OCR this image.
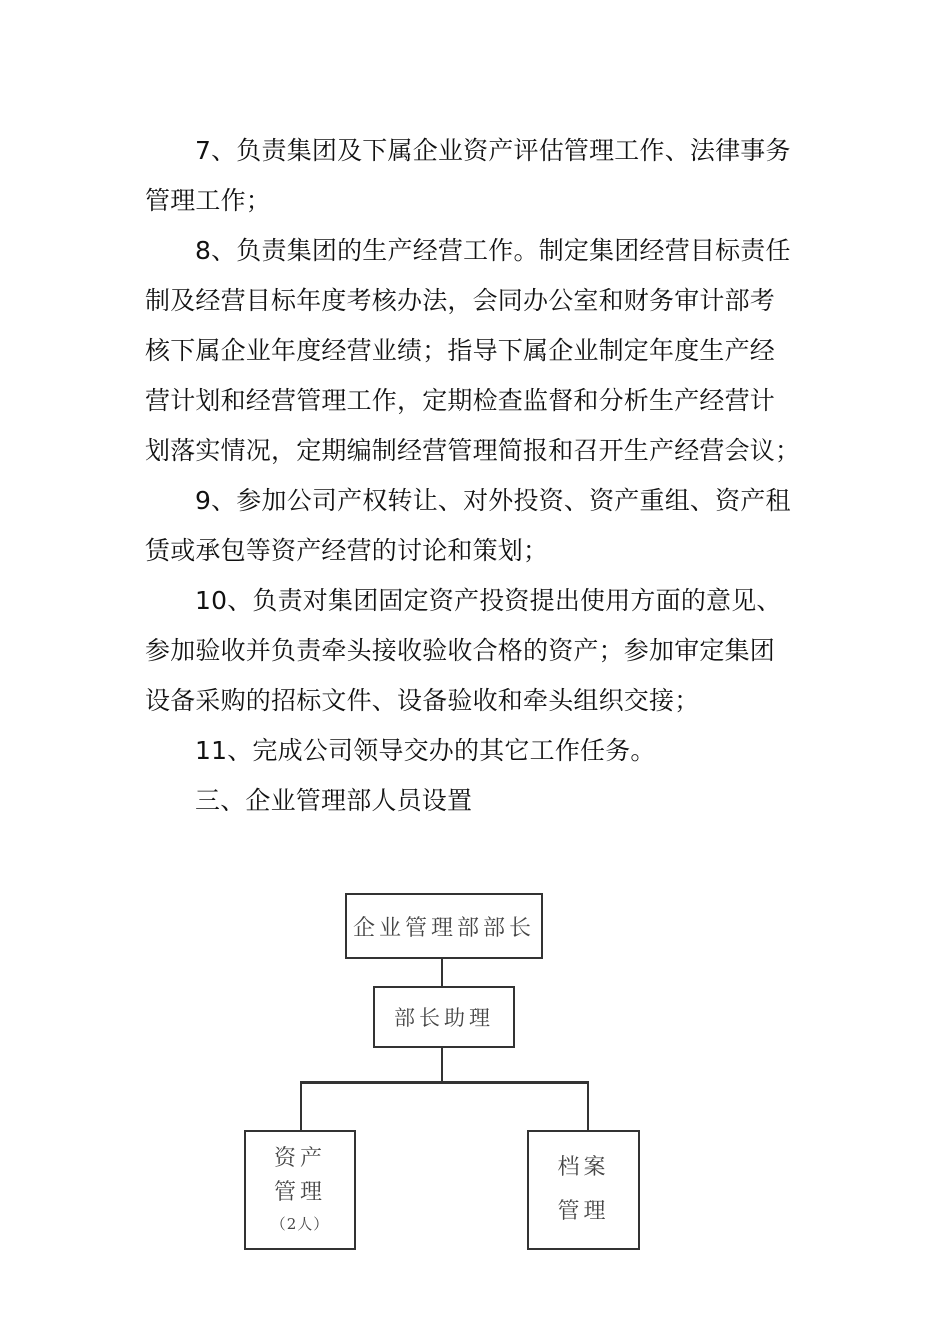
7、负责集团及下属企业资产评估管理工作、法律事务
管理工作；
8、负责集团的生产经营工作。制定集团经营目标责任
制及经营目标年度考核办法，会同办公室和财务审计部考
核下属企业年度经营业绩；指导下属企业制定年度生产经
营计划和经营管理工作，定期检查监督和分析生产经营计
划落实情况，定期编制经营管理简报和召开生产经营会议；
9、参加公司产权转让、对外投资、资产重组、资产租
赁或承包等资产经营的讨论和策划；
10、负责对集团固定资产投资提出使用方面的意见、
参加验收并负责牵头接收验收合格的资产；参加审定集团
设备采购的招标文件、设备验收和牵头组织交接；
11、完成公司领导交办的其它工作任务。
三、企业管理部人员设置
企业管理部部长
部长助理
资产
管理
（2人）
档案
管理
